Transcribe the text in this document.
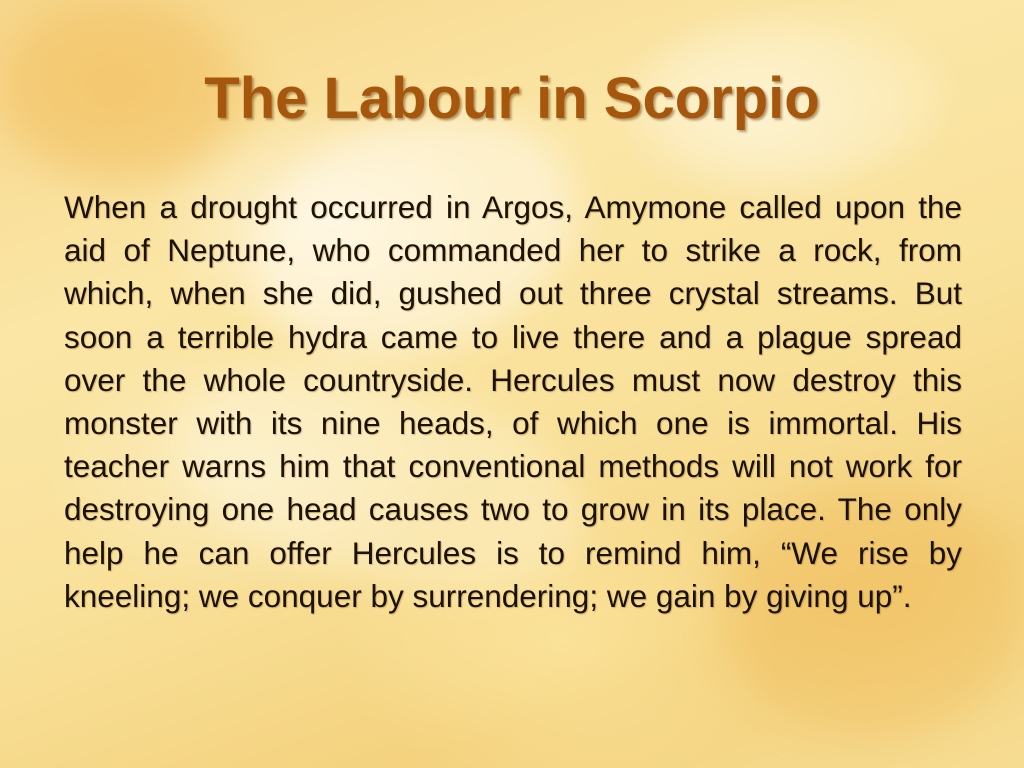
The Labour in Scorpio

When a drought occurred in Argos, Amymone called upon the aid of Neptune, who commanded her to strike a rock, from which, when she did, gushed out three crystal streams. But soon a terrible hydra came to live there and a plague spread over the whole countryside. Hercules must now destroy this monster with its nine heads, of which one is immortal. His teacher warns him that conventional methods will not work for destroying one head causes two to grow in its place. The only help he can offer Hercules is to remind him, “We rise by kneeling; we conquer by surrendering; we gain by giving up”.
